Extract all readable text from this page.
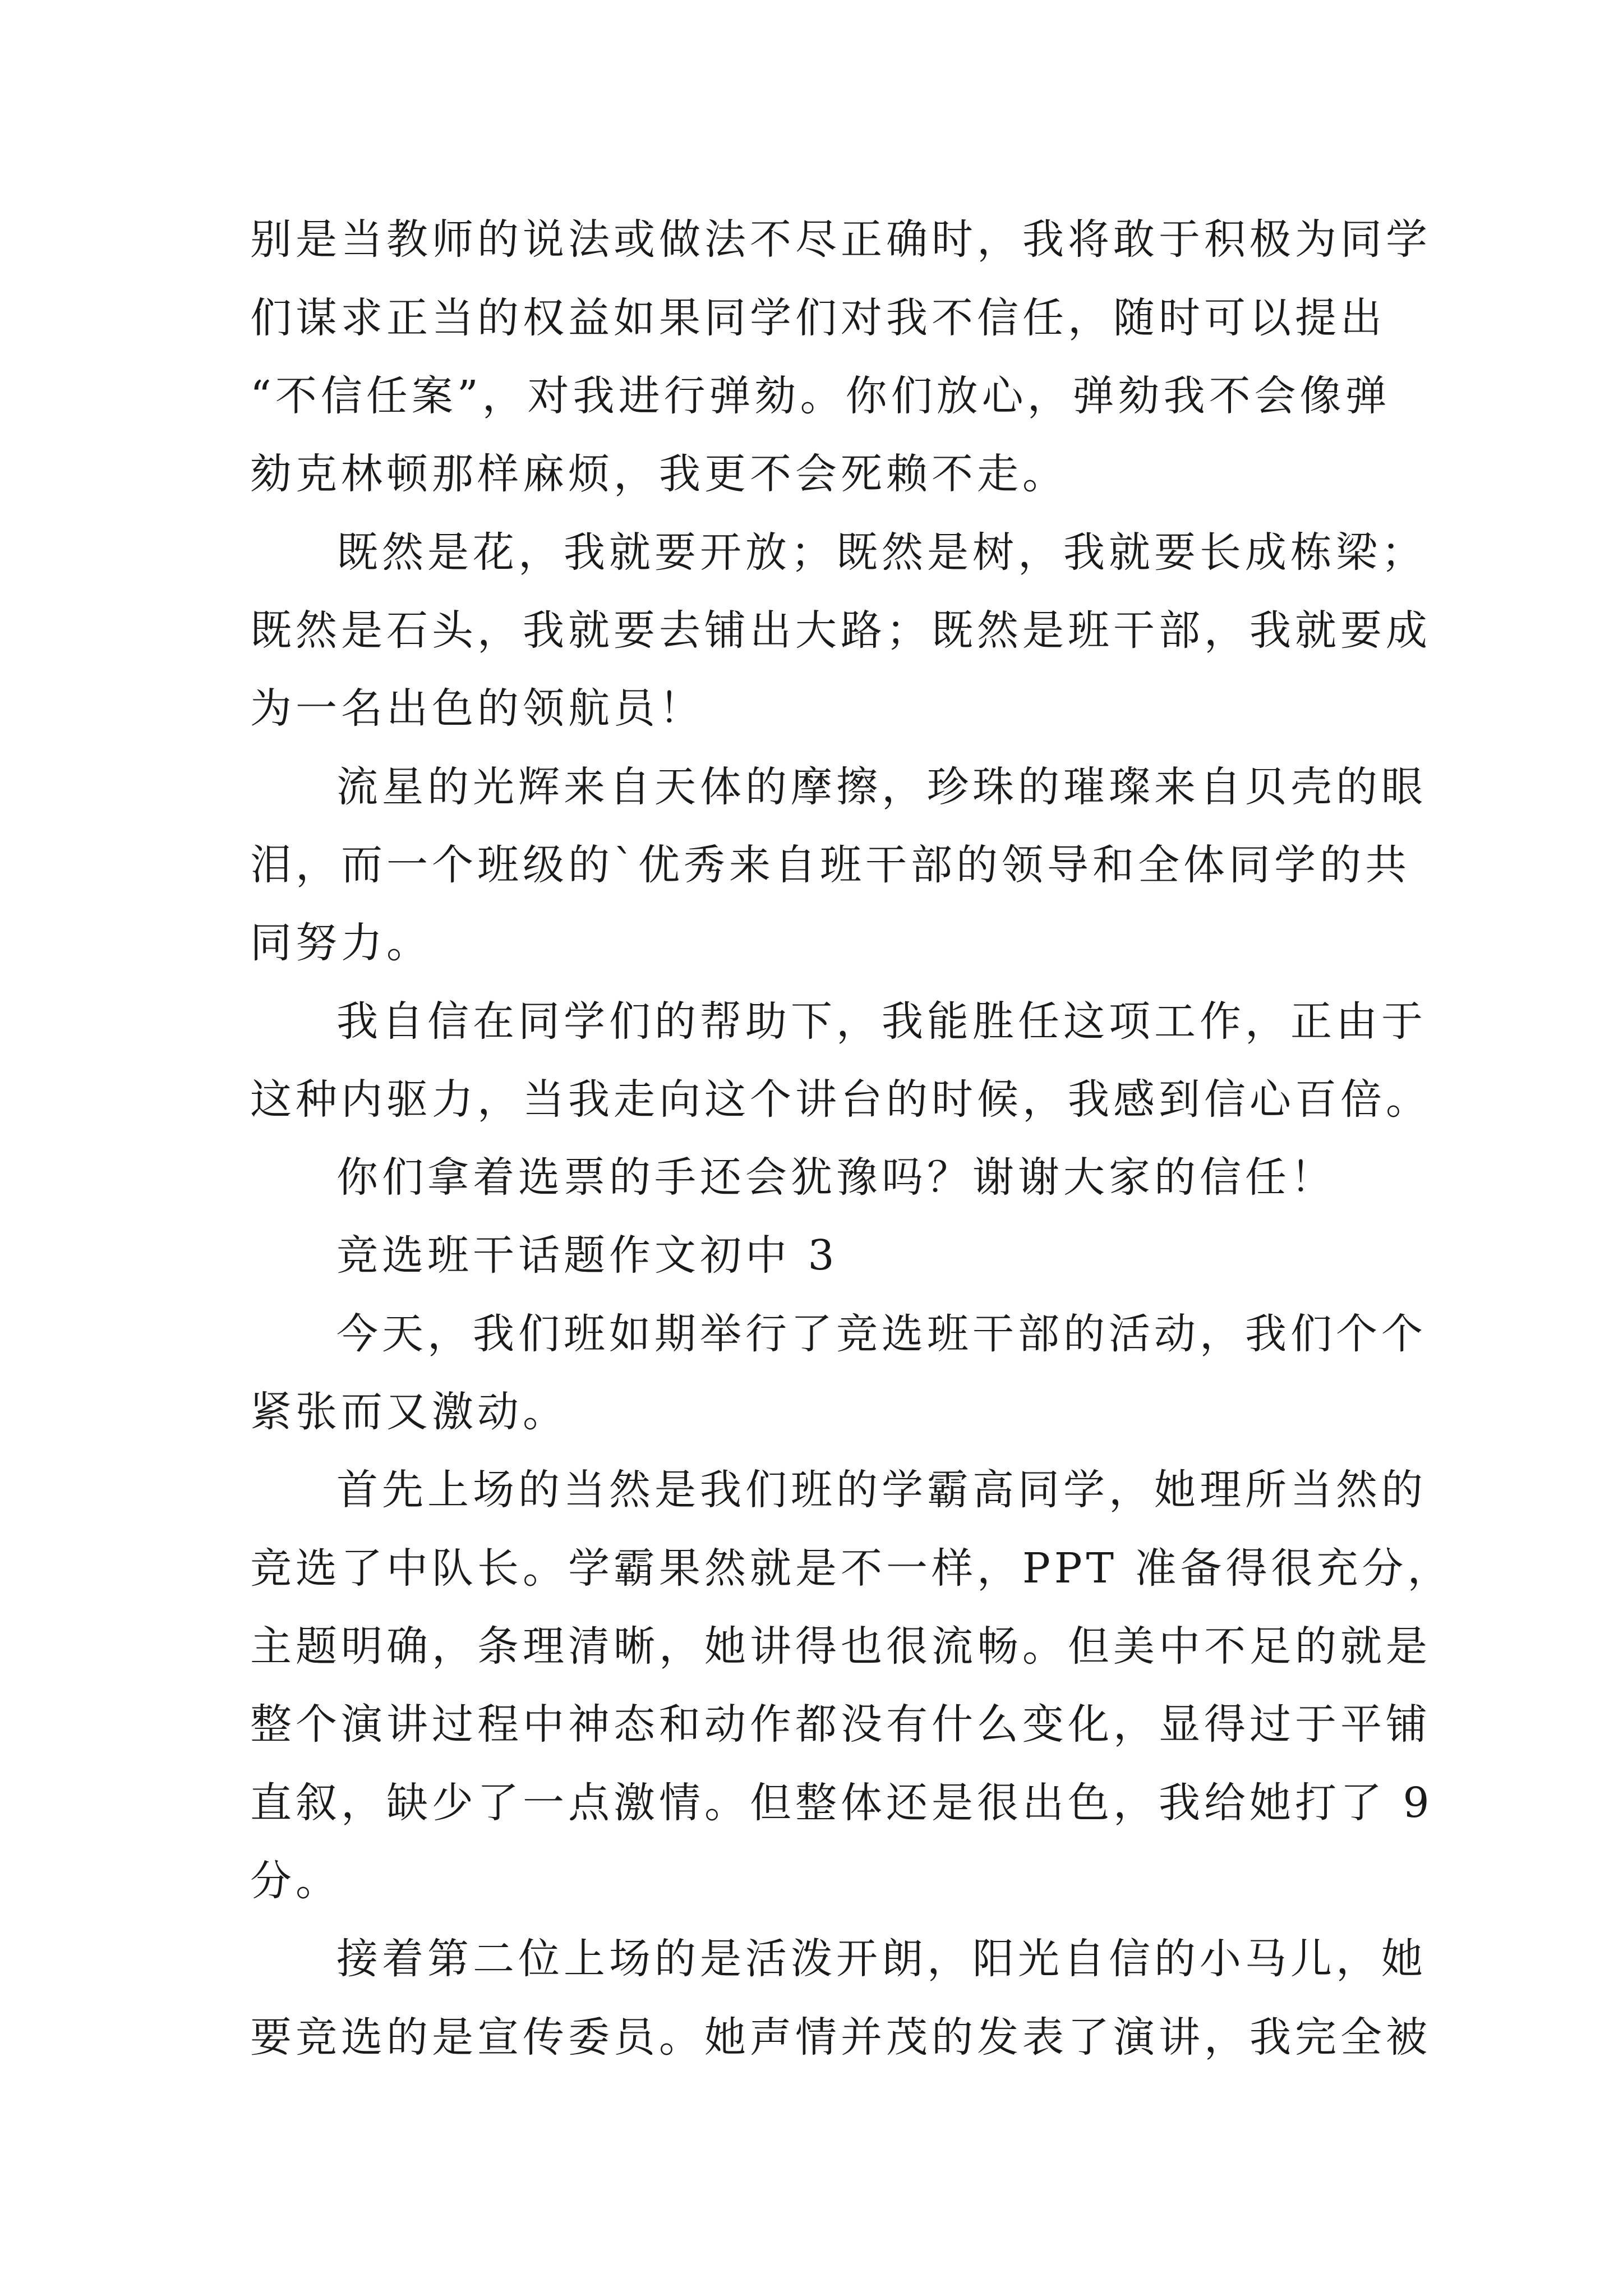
别是当教师的说法或做法不尽正确时，我将敢于积极为同学
们谋求正当的权益如果同学们对我不信任，随时可以提出
“不信任案”，对我进行弹劾。你们放心，弹劾我不会像弹
劾克林顿那样麻烦，我更不会死赖不走。
既然是花，我就要开放；既然是树，我就要长成栋梁；
既然是石头，我就要去铺出大路；既然是班干部，我就要成
为一名出色的领航员！
流星的光辉来自天体的摩擦，珍珠的璀璨来自贝壳的眼
泪，而一个班级的`优秀来自班干部的领导和全体同学的共
同努力。
我自信在同学们的帮助下，我能胜任这项工作，正由于
这种内驱力，当我走向这个讲台的时候，我感到信心百倍。
你们拿着选票的手还会犹豫吗？谢谢大家的信任！
竞选班干话题作文初中 3
今天，我们班如期举行了竞选班干部的活动，我们个个
紧张而又激动。
首先上场的当然是我们班的学霸高同学，她理所当然的
竞选了中队长。学霸果然就是不一样，PPT 准备得很充分，
主题明确，条理清晰，她讲得也很流畅。但美中不足的就是
整个演讲过程中神态和动作都没有什么变化，显得过于平铺
直叙，缺少了一点激情。但整体还是很出色，我给她打了 9
分。
接着第二位上场的是活泼开朗，阳光自信的小马儿，她
要竞选的是宣传委员。她声情并茂的发表了演讲，我完全被
